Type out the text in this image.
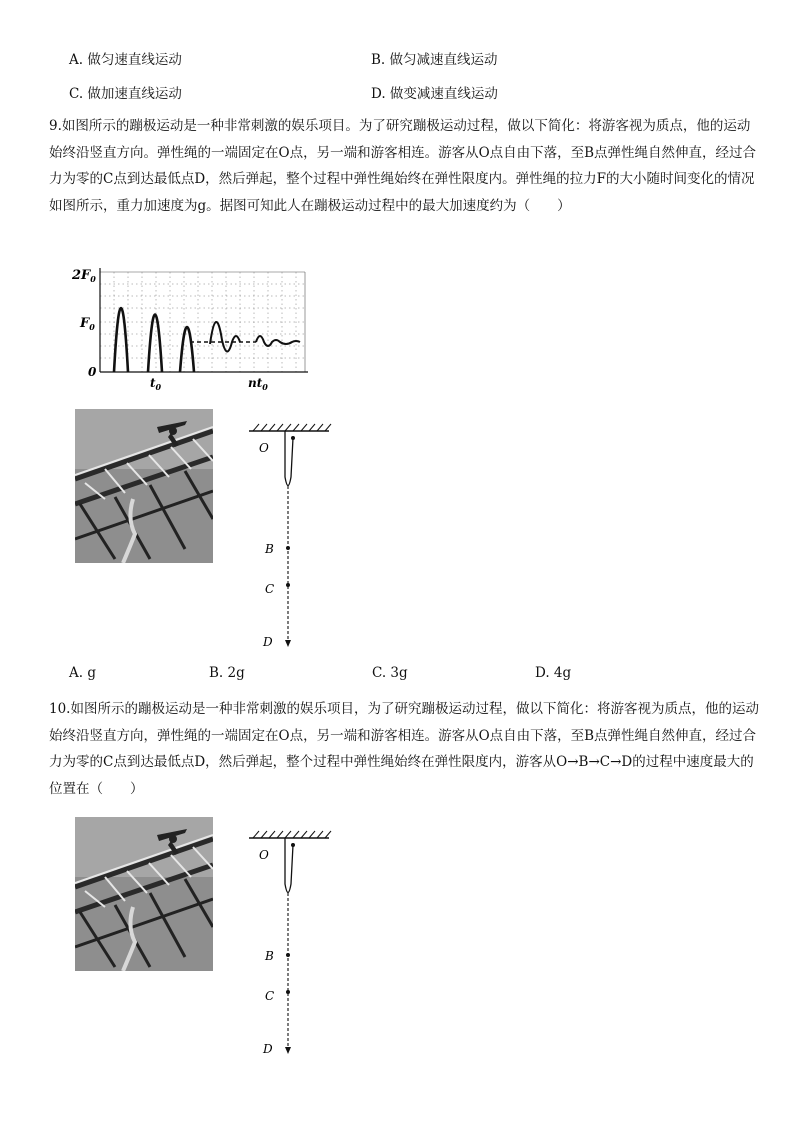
A. 做匀速直线运动	B. 做匀减速直线运动
C. 做加速直线运动	D. 做变减速直线运动
9.如图所示的蹦极运动是一种非常刺激的娱乐项目。为了研究蹦极运动过程，做以下简化：将游客视为质点，他的运动始终沿竖直方向。弹性绳的一端固定在O点，另一端和游客相连。游客从O点自由下落，至B点弹性绳自然伸直，经过合力为零的C点到达最低点D，然后弹起，整个过程中弹性绳始终在弹性限度内。弹性绳的拉力F的大小随时间变化的情况如图所示，重力加速度为g。据图可知此人在蹦极运动过程中的最大加速度约为（　　）
$2F_0$
$F_0$
0
$t_0$	$nt_0$
O
B
C
D
A. g	B. 2g	C. 3g	D. 4g
10.如图所示的蹦极运动是一种非常刺激的娱乐项目，为了研究蹦极运动过程，做以下简化：将游客视为质点，他的运动始终沿竖直方向，弹性绳的一端固定在O点，另一端和游客相连。游客从O点自由下落，至B点弹性绳自然伸直，经过合力为零的C点到达最低点D，然后弹起，整个过程中弹性绳始终在弹性限度内，游客从O→B→C→D的过程中速度最大的位置在（　　）
O
B
C
D
